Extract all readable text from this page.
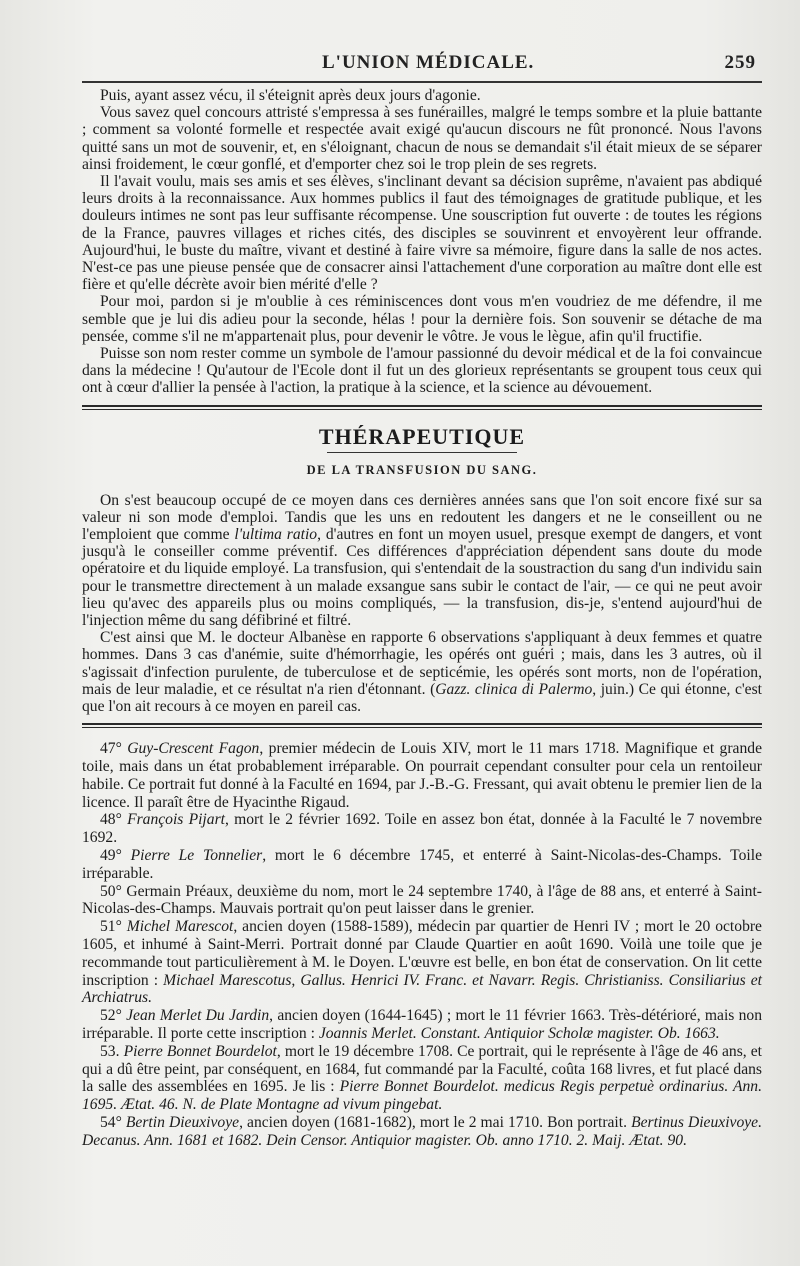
L'UNION MÉDICALE.	259

Puis, ayant assez vécu, il s'éteignit après deux jours d'agonie.

Vous savez quel concours attristé s'empressa à ses funérailles, malgré le temps sombre et la pluie battante ; comment sa volonté formelle et respectée avait exigé qu'aucun discours ne fût prononcé. Nous l'avons quitté sans un mot de souvenir, et, en s'éloignant, chacun de nous se demandait s'il était mieux de se séparer ainsi froidement, le cœur gonflé, et d'emporter chez soi le trop plein de ses regrets.

Il l'avait voulu, mais ses amis et ses élèves, s'inclinant devant sa décision suprême, n'avaient pas abdiqué leurs droits à la reconnaissance. Aux hommes publics il faut des témoignages de gratitude publique, et les douleurs intimes ne sont pas leur suffisante récompense. Une souscription fut ouverte : de toutes les régions de la France, pauvres villages et riches cités, des disciples se souvinrent et envoyèrent leur offrande. Aujourd'hui, le buste du maître, vivant et destiné à faire vivre sa mémoire, figure dans la salle de nos actes. N'est-ce pas une pieuse pensée que de consacrer ainsi l'attachement d'une corporation au maître dont elle est fière et qu'elle décrète avoir bien mérité d'elle ?

Pour moi, pardon si je m'oublie à ces réminiscences dont vous m'en voudriez de me défendre, il me semble que je lui dis adieu pour la seconde, hélas ! pour la dernière fois. Son souvenir se détache de ma pensée, comme s'il ne m'appartenait plus, pour devenir le vôtre. Je vous le lègue, afin qu'il fructifie.

Puisse son nom rester comme un symbole de l'amour passionné du devoir médical et de la foi convaincue dans la médecine ! Qu'autour de l'Ecole dont il fut un des glorieux représentants se groupent tous ceux qui ont à cœur d'allier la pensée à l'action, la pratique à la science, et la science au dévouement.

THÉRAPEUTIQUE
DE LA TRANSFUSION DU SANG.

On s'est beaucoup occupé de ce moyen dans ces dernières années sans que l'on soit encore fixé sur sa valeur ni son mode d'emploi. Tandis que les uns en redoutent les dangers et ne le conseillent ou ne l'emploient que comme l'ultima ratio, d'autres en font un moyen usuel, presque exempt de dangers, et vont jusqu'à le conseiller comme préventif. Ces différences d'appréciation dépendent sans doute du mode opératoire et du liquide employé. La transfusion, qui s'entendait de la soustraction du sang d'un individu sain pour le transmettre directement à un malade exsangue sans subir le contact de l'air, — ce qui ne peut avoir lieu qu'avec des appareils plus ou moins compliqués, — la transfusion, dis-je, s'entend aujourd'hui de l'injection même du sang défibriné et filtré.

C'est ainsi que M. le docteur Albanèse en rapporte 6 observations s'appliquant à deux femmes et quatre hommes. Dans 3 cas d'anémie, suite d'hémorrhagie, les opérés ont guéri ; mais, dans les 3 autres, où il s'agissait d'infection purulente, de tuberculose et de septicémie, les opérés sont morts, non de l'opération, mais de leur maladie, et ce résultat n'a rien d'étonnant. (Gazz. clinica di Palermo, juin.) Ce qui étonne, c'est que l'on ait recours à ce moyen en pareil cas.

47° Guy-Crescent Fagon, premier médecin de Louis XIV, mort le 11 mars 1718. Magnifique et grande toile, mais dans un état probablement irréparable. On pourrait cependant consulter pour cela un rentoileur habile. Ce portrait fut donné à la Faculté en 1694, par J.-B.-G. Fressant, qui avait obtenu le premier lien de la licence. Il paraît être de Hyacinthe Rigaud.

48° François Pijart, mort le 2 février 1692. Toile en assez bon état, donnée à la Faculté le 7 novembre 1692.

49° Pierre Le Tonnelier, mort le 6 décembre 1745, et enterré à Saint-Nicolas-des-Champs. Toile irréparable.

50° Germain Préaux, deuxième du nom, mort le 24 septembre 1740, à l'âge de 88 ans, et enterré à Saint-Nicolas-des-Champs. Mauvais portrait qu'on peut laisser dans le grenier.

51° Michel Marescot, ancien doyen (1588-1589), médecin par quartier de Henri IV ; mort le 20 octobre 1605, et inhumé à Saint-Merri. Portrait donné par Claude Quartier en août 1690. Voilà une toile que je recommande tout particulièrement à M. le Doyen. L'œuvre est belle, en bon état de conservation. On lit cette inscription : Michael Marescotus, Gallus. Henrici IV. Franc. et Navarr. Regis. Christianiss. Consiliarius et Archiatrus.

52° Jean Merlet Du Jardin, ancien doyen (1644-1645) ; mort le 11 février 1663. Très-détérioré, mais non irréparable. Il porte cette inscription : Joannis Merlet. Constant. Antiquior Scholæ magister. Ob. 1663.

53. Pierre Bonnet Bourdelot, mort le 19 décembre 1708. Ce portrait, qui le représente à l'âge de 46 ans, et qui a dû être peint, par conséquent, en 1684, fut commandé par la Faculté, coûta 168 livres, et fut placé dans la salle des assemblées en 1695. Je lis : Pierre Bonnet Bourdelot. medicus Regis perpetuè ordinarius. Ann. 1695. Ætat. 46. N. de Plate Montagne ad vivum pingebat.

54° Bertin Dieuxivoye, ancien doyen (1681-1682), mort le 2 mai 1710. Bon portrait. Bertinus Dieuxivoye. Decanus. Ann. 1681 et 1682. Dein Censor. Antiquior magister. Ob. anno 1710. 2. Maij. Ætat. 90.
